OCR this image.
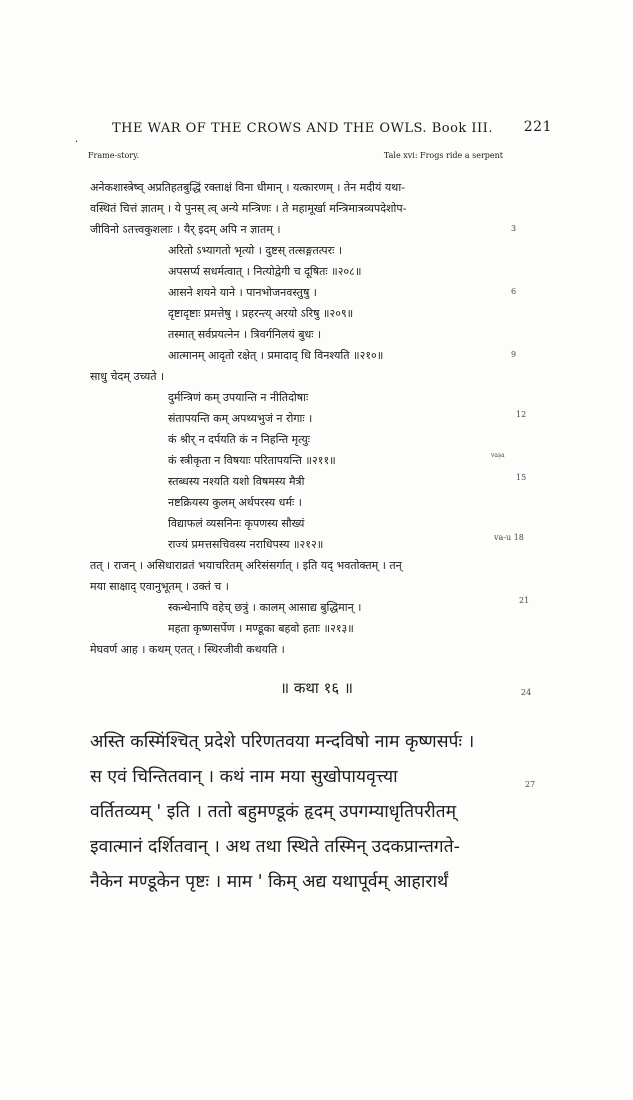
·
THE WAR OF THE CROWS AND THE OWLS. Book III. 221
Frame-story.	Tale xvi: Frogs ride a serpent
अनेकशास्त्रेष्व् अप्रतिहतबुद्धिं रक्ताक्षं विना धीमान् । यत्कारणम् । तेन मदीयं यथा-
वस्थितं चित्तं ज्ञातम् । ये पुनस् त्व् अन्ये मन्त्रिणः । ते महामूर्खा मन्त्रिमात्रव्यपदेशोप-
जीविनो ऽतत्त्वकुशलाः । यैर् इदम् अपि न ज्ञातम् ।
अरितो ऽभ्यागतो भृत्यो । दुष्टस् तत्सङ्गतत्परः ।
अपसर्प्य सधर्मत्वात् । नित्योद्वेगी च दूषितः ॥२०८॥
आसने शयने याने । पानभोजनवस्तुषु ।
दृष्टादृष्टाः प्रमत्तेषु । प्रहरन्त्य् अरयो ऽरिषु ॥२०९॥
तस्मात् सर्वप्रयत्नेन । त्रिवर्गनिलयं बुधः ।
आत्मानम् आदृतो रक्षेत् । प्रमादाद् धि विनश्यति ॥२१०॥
साधु चेदम् उच्यते ।
दुर्मन्त्रिणं कम् उपयान्ति न नीतिदोषाः
संतापयन्ति कम् अपथ्यभुजं न रोगाः ।
कं श्रीर् न दर्पयति कं न निहन्ति मृत्युः
कं स्त्रीकृता न विषयाः परितापयन्ति ॥२११॥
स्तब्धस्य नश्यति यशो विषमस्य मैत्री
नष्टक्रियस्य कुलम् अर्थपरस्य धर्मः ।
विद्याफलं व्यसनिनः कृपणस्य सौख्यं
राज्यं प्रमत्तसचिवस्य नराधिपस्य ॥२१२॥
तत् । राजन् । असिधाराव्रतं भयाचरितम् अरिसंसर्गात् । इति यद् भवतोक्तम् । तन्
मया साक्षाद् एवानुभूतम् । उक्तं च ।
स्कन्धेनापि वहेच् छत्रुं । कालम् आसाद्य बुद्धिमान् ।
महता कृष्णसर्पेण । मण्डूका बहवो हताः ॥२१३॥
मेघवर्ण आह । कथम् एतत् । स्थिरजीवी कथयति ।
3
6
9
12
vaṣa
15
va-u 18
21
24
27
॥ कथा १६ ॥
अस्ति कस्मिंश्चित् प्रदेशे परिणतवया मन्दविषो नाम कृष्णसर्पः ।
स एवं चिन्तितवान् । कथं नाम मया सुखोपायवृत्त्या
वर्तितव्यम् ' इति । ततो बहुमण्डूकं हृदम् उपगम्याधृतिपरीतम्
इवात्मानं दर्शितवान् । अथ तथा स्थिते तस्मिन् उदकप्रान्तगते-
नैकेन मण्डूकेन पृष्टः । माम ' किम् अद्य यथापूर्वम् आहारार्थं
